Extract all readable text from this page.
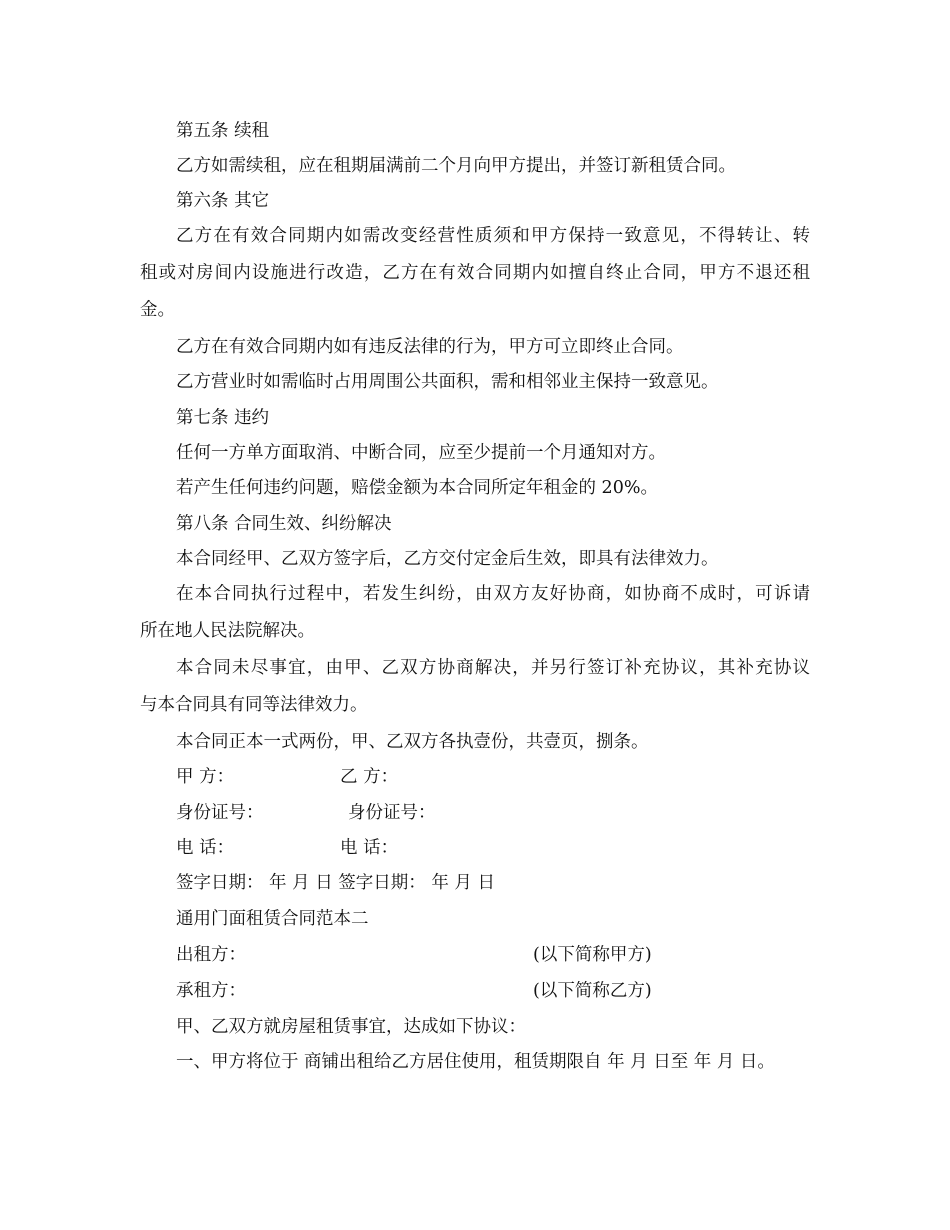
第五条 续租
乙方如需续租，应在租期届满前二个月向甲方提出，并签订新租赁合同。
第六条 其它
乙方在有效合同期内如需改变经营性质须和甲方保持一致意见，不得转让、转
租或对房间内设施进行改造，乙方在有效合同期内如擅自终止合同，甲方不退还租
金。
乙方在有效合同期内如有违反法律的行为，甲方可立即终止合同。
乙方营业时如需临时占用周围公共面积，需和相邻业主保持一致意见。
第七条 违约
任何一方单方面取消、中断合同，应至少提前一个月通知对方。
若产生任何违约问题，赔偿金额为本合同所定年租金的 20%。
第八条 合同生效、纠纷解决
本合同经甲、乙双方签字后，乙方交付定金后生效，即具有法律效力。
在本合同执行过程中，若发生纠纷，由双方友好协商，如协商不成时，可诉请
所在地人民法院解决。
本合同未尽事宜，由甲、乙双方协商解决，并另行签订补充协议，其补充协议
与本合同具有同等法律效力。
本合同正本一式两份，甲、乙双方各执壹份，共壹页，捌条。
甲 方：	乙 方：
身份证号：	身份证号：
电 话：	电 话：
签字日期： 年 月 日 签字日期： 年 月 日
通用门面租赁合同范本二
出租方：	(以下简称甲方)
承租方：	(以下简称乙方)
甲、乙双方就房屋租赁事宜，达成如下协议：
一、甲方将位于 商铺出租给乙方居住使用，租赁期限自 年 月 日至 年 月 日。
